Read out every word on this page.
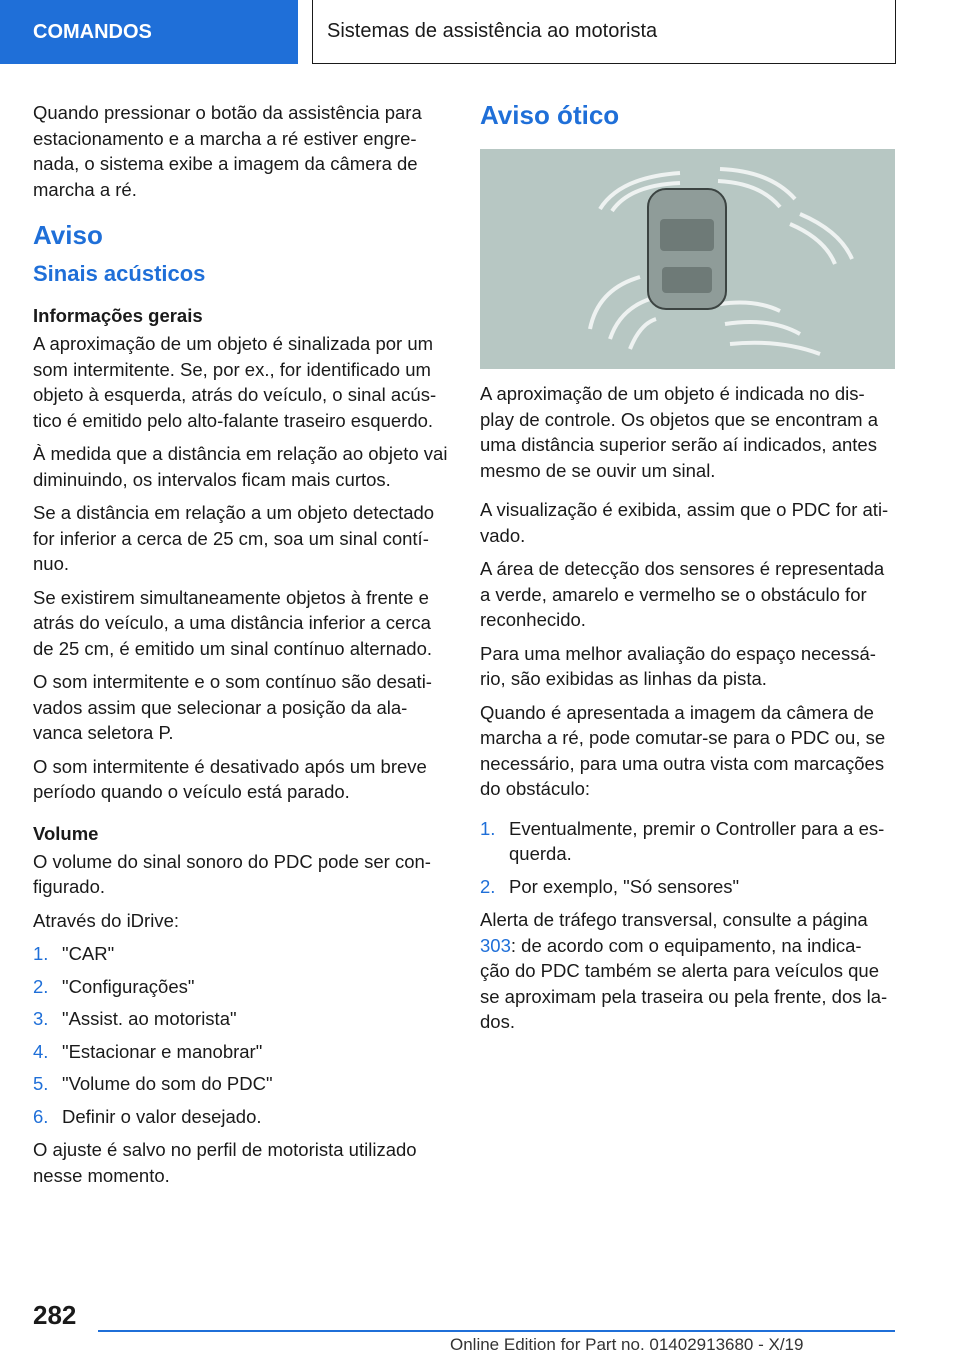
COMANDOS	Sistemas de assistência ao motorista

Quando pressionar o botão da assistência para estacionamento e a marcha a ré estiver engre- nada, o sistema exibe a imagem da câmera de marcha a ré.

Aviso
Sinais acústicos
Informações gerais

A aproximação de um objeto é sinalizada por um som intermitente. Se, por ex., for identificado um objeto à esquerda, atrás do veículo, o sinal acús- tico é emitido pelo alto-falante traseiro esquerdo.

À medida que a distância em relação ao objeto vai diminuindo, os intervalos ficam mais curtos.

Se a distância em relação a um objeto detectado for inferior a cerca de 25 cm, soa um sinal contí- nuo.

Se existirem simultaneamente objetos à frente e atrás do veículo, a uma distância inferior a cerca de 25 cm, é emitido um sinal contínuo alternado.

O som intermitente e o som contínuo são desati- vados assim que selecionar a posição da ala- vanca seletora P.

O som intermitente é desativado após um breve período quando o veículo está parado.

Volume

O volume do sinal sonoro do PDC pode ser con- figurado.

Através do iDrive:

1. "CAR"
2. "Configurações"
3. "Assist. ao motorista"
4. "Estacionar e manobrar"
5. "Volume do som do PDC"
6. Definir o valor desejado.

O ajuste é salvo no perfil de motorista utilizado nesse momento.

Aviso ótico

A aproximação de um objeto é indicada no dis- play de controle. Os objetos que se encontram a uma distância superior serão aí indicados, antes mesmo de se ouvir um sinal.

A visualização é exibida, assim que o PDC for ati- vado.

A área de detecção dos sensores é representada a verde, amarelo e vermelho se o obstáculo for reconhecido.

Para uma melhor avaliação do espaço necessá- rio, são exibidas as linhas da pista.

Quando é apresentada a imagem da câmera de marcha a ré, pode comutar-se para o PDC ou, se necessário, para uma outra vista com marcações do obstáculo:

1. Eventualmente, premir o Controller para a es- querda.
2. Por exemplo, "Só sensores"

Alerta de tráfego transversal, consulte a página
303: de acordo com o equipamento, na indica- ção do PDC também se alerta para veículos que se aproximam pela traseira ou pela frente, dos la- dos.

282
Online Edition for Part no. 01402913680 - X/19
